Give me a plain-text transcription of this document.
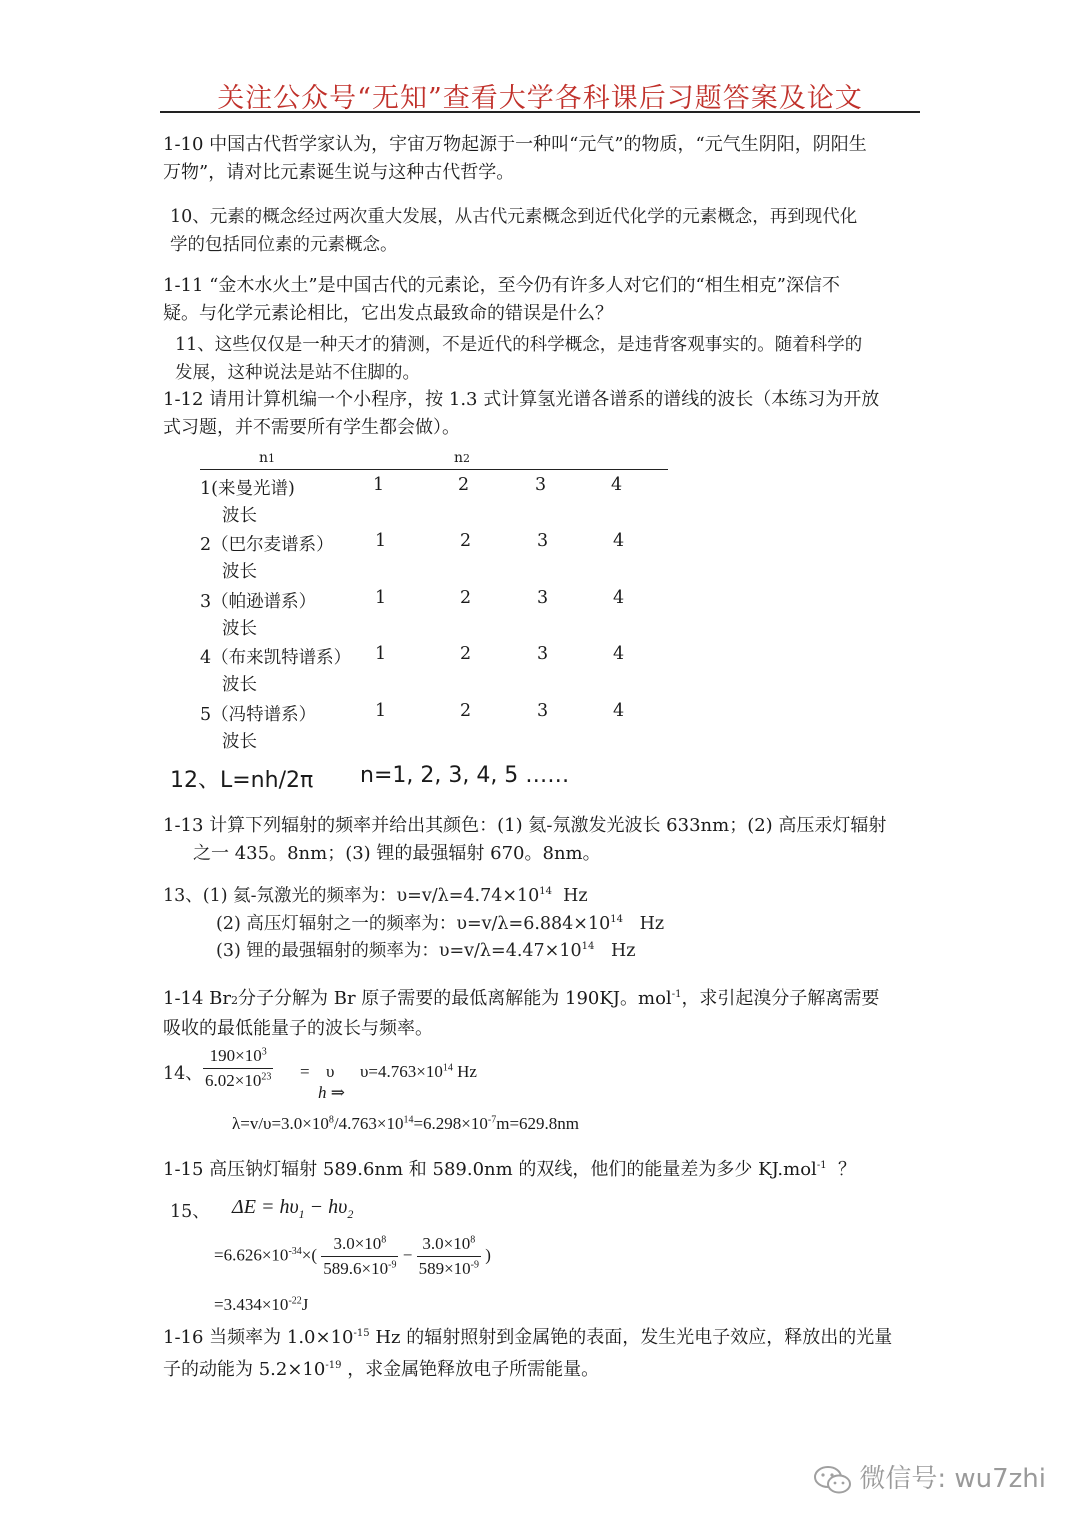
关注公众号“无知”查看大学各科课后习题答案及论文
1-10 中国古代哲学家认为，宇宙万物起源于一种叫“元气”的物质，“元气生阴阳，阴阳生
万物”，请对比元素诞生说与这种古代哲学。
10、元素的概念经过两次重大发展，从古代元素概念到近代化学的元素概念，再到现代化
学的包括同位素的元素概念。
1-11 “金木水火土”是中国古代的元素论，至今仍有许多人对它们的“相生相克”深信不
疑。与化学元素论相比，它出发点最致命的错误是什么？
11、这些仅仅是一种天才的猜测，不是近代的科学概念，是违背客观事实的。随着科学的
发展，这种说法是站不住脚的。
1-12 请用计算机编一个小程序，按 1.3 式计算氢光谱各谱系的谱线的波长（本练习为开放
式习题，并不需要所有学生都会做）。
n1	n2
1(来曼光谱)	1	2	3	4
波长
2（巴尔麦谱系） 1	2	3	4
波长
3（帕逊谱系）	1	2	3	4
波长
4（布来凯特谱系） 1	2	3	4
波长
5（冯特谱系）	1	2	3	4
波长
12、L=nh/2π n=1, 2, 3, 4, 5 ……
1-13 计算下列辐射的频率并给出其颜色：(1) 氦-氖激发光波长 633nm；(2) 高压汞灯辐射
之一 435。8nm；(3) 锂的最强辐射 670。8nm。
13、(1) 氦-氖激光的频率为：$\upsilon=v/\lambda=4.74\times 10^{14}$ Hz
(2) 高压灯辐射之一的频率为：$\upsilon=v/\lambda=6.884\times 10^{14}$ Hz
(3) 锂的最强辐射的频率为：$\upsilon=v/\lambda=4.47\times 10^{14}$ Hz
1-14 Br2分子分解为 Br 原子需要的最低离解能为 190KJ。mol$^{-1}$，求引起溴分子解离需要
吸收的最低能量子的波长与频率。
14、 $\frac{190\times 10^3}{6.02\times 10^{23}} = \upsilon$
h ⇒
$\upsilon=4.763\times 10^{14}$ Hz
$\lambda=v/\upsilon=3.0\times 10^8/4.763\times 10^{14}=6.298\times 10^{-7}m=629.8nm$
1-15 高压钠灯辐射 589.6nm 和 589.0nm 的双线，他们的能量差为多少 KJ.mol$^{-1}$ ？
15、 $\Delta E = h\upsilon_1 - h\upsilon_2$
$=6.626\times 10^{-34}\times( \frac{3.0\times 10^8}{589.6\times 10^{-9}} - \frac{3.0\times 10^8}{589\times 10^{-9}}$ )
$=3.434\times 10^{-22}J$
1-16 当频率为 $1.0\times 10^{-15}$ Hz 的辐射照射到金属铯的表面，发生光电子效应，释放出的光量
子的动能为 $5.2\times 10^{-19}$ ，求金属铯释放电子所需能量。
微信号: wu7zhi
